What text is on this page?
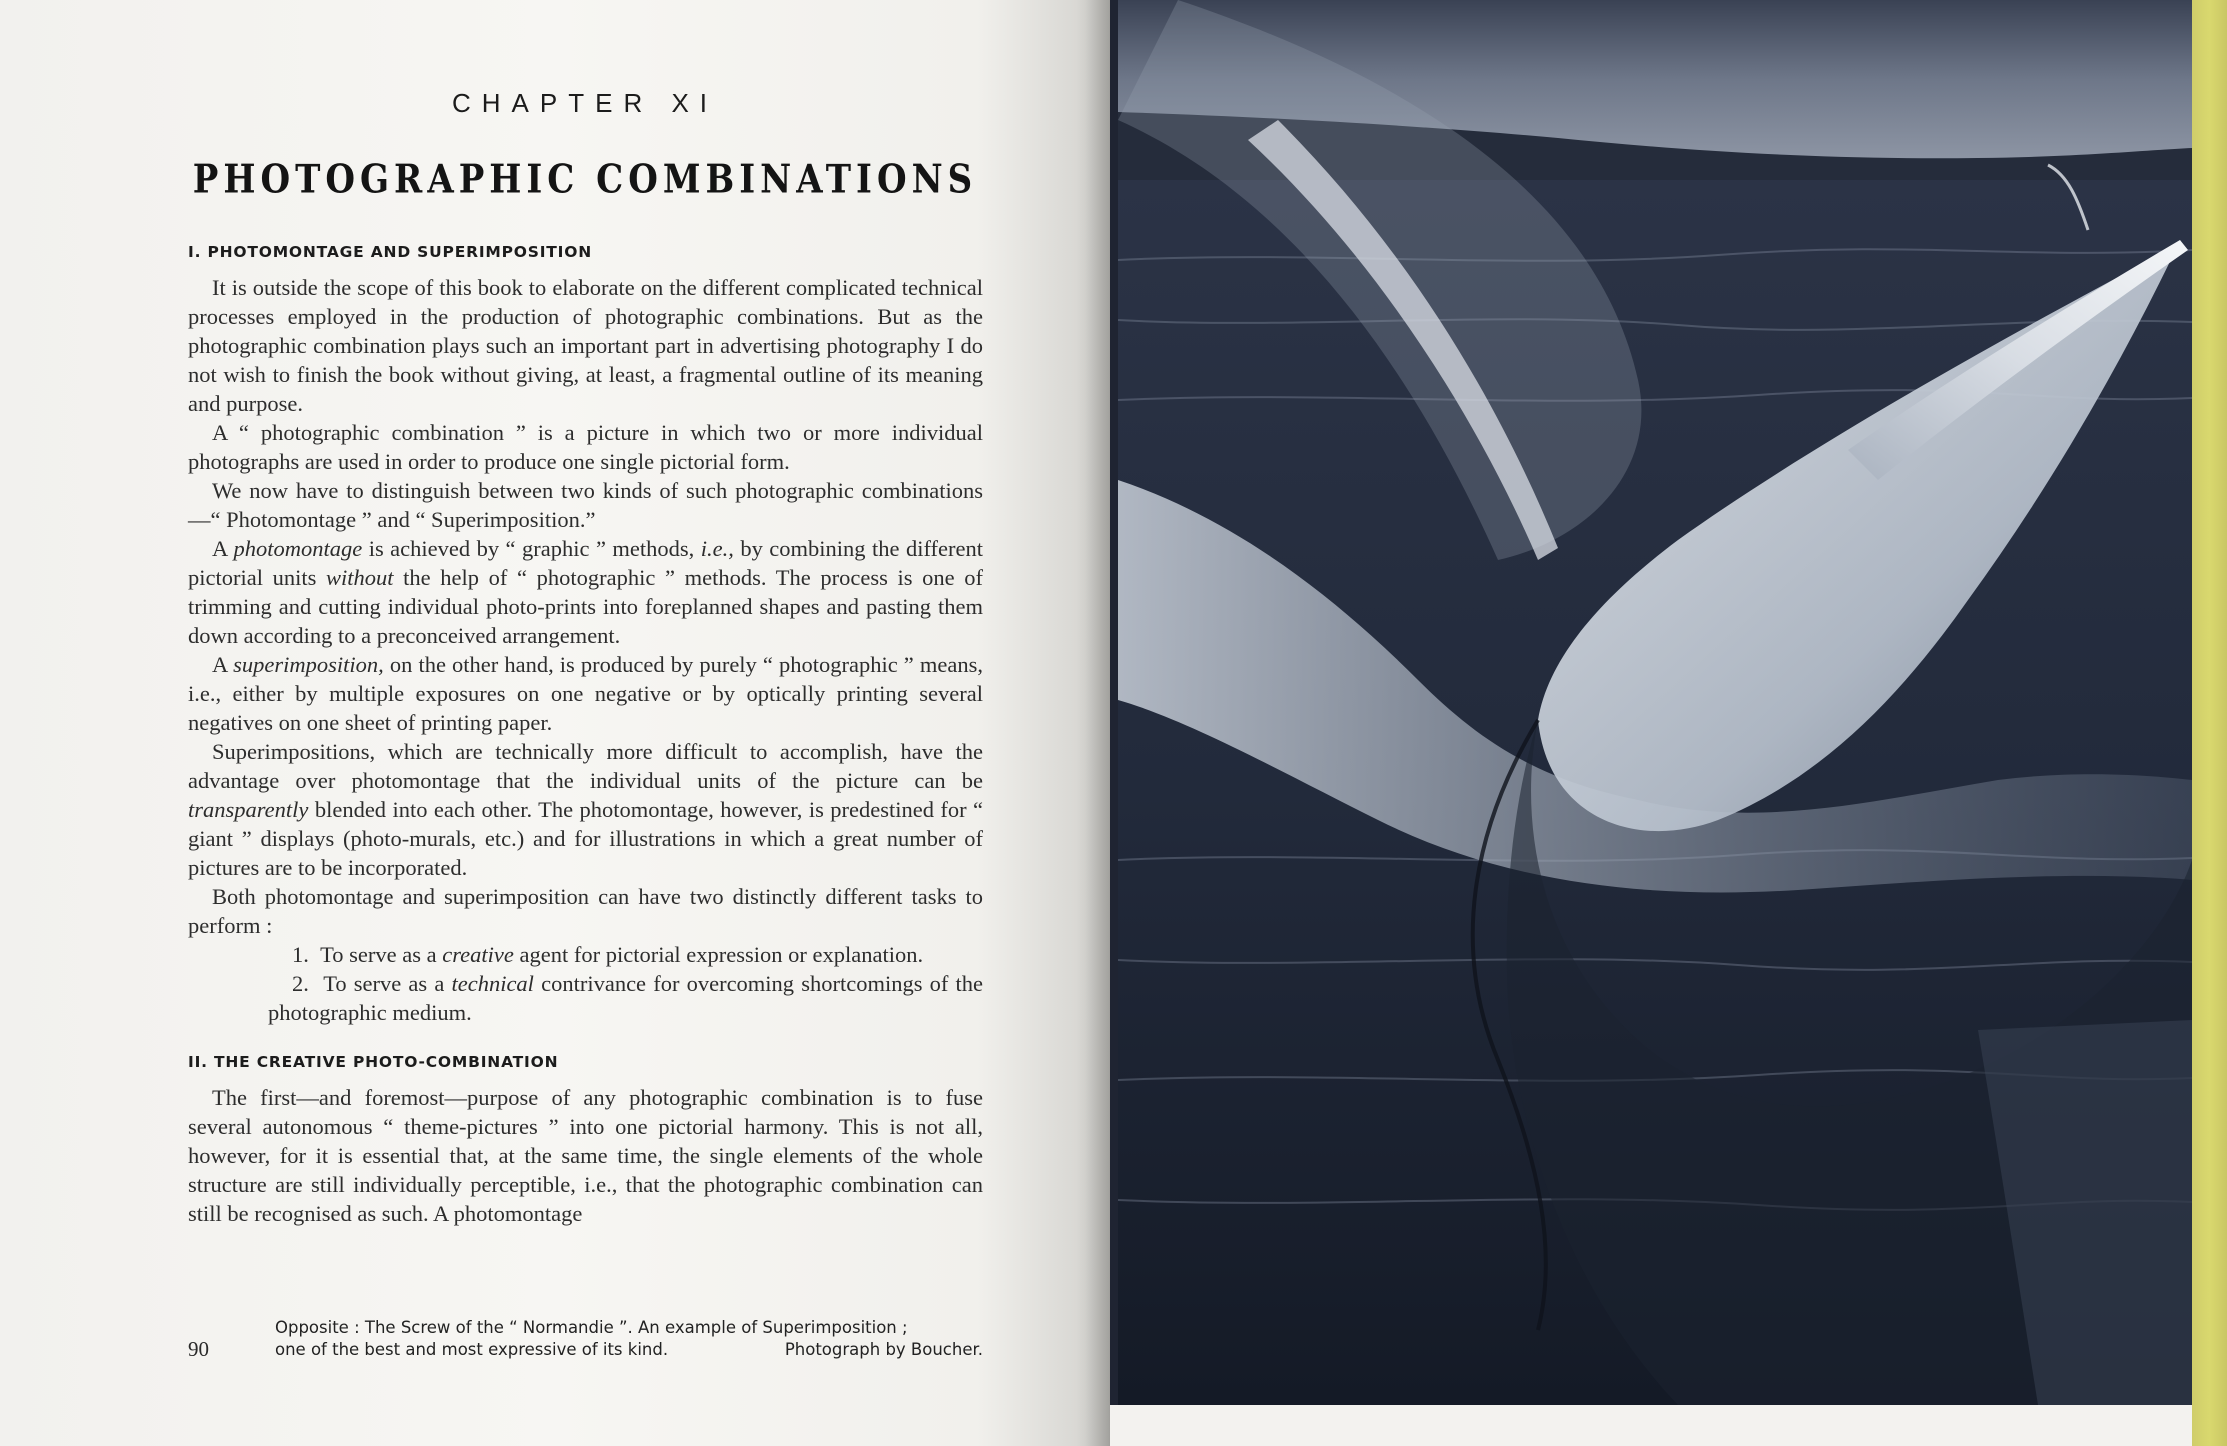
CHAPTER XI
PHOTOGRAPHIC COMBINATIONS
I. PHOTOMONTAGE AND SUPERIMPOSITION

It is outside the scope of this book to elaborate on the different complicated technical processes employed in the production of photographic combinations. But as the photographic combination plays such an important part in advertising photography I do not wish to finish the book without giving, at least, a fragmental outline of its meaning and purpose.

A “ photographic combination ” is a picture in which two or more individual photographs are used in order to produce one single pictorial form.

We now have to distinguish between two kinds of such photographic combinations—“ Photomontage ” and “ Superimposition.”

A photomontage is achieved by “ graphic ” methods, i.e., by combining the different pictorial units without the help of “ photographic ” methods. The process is one of trimming and cutting individual photo-prints into foreplanned shapes and pasting them down according to a preconceived arrangement.

A superimposition, on the other hand, is produced by purely “ photographic ” means, i.e., either by multiple exposures on one negative or by optically printing several negatives on one sheet of printing paper.

Superimpositions, which are technically more difficult to accomplish, have the advantage over photomontage that the individual units of the picture can be transparently blended into each other. The photomontage, however, is predestined for “ giant ” displays (photo-murals, etc.) and for illustrations in which a great number of pictures are to be incorporated.

Both photomontage and superimposition can have two distinctly different tasks to perform :

1. To serve as a creative agent for pictorial expression or explanation.

2. To serve as a technical contrivance for overcoming shortcomings of the photographic medium.

II. THE CREATIVE PHOTO-COMBINATION

The first—and foremost—purpose of any photographic combination is to fuse several autonomous “ theme-pictures ” into one pictorial harmony. This is not all, however, for it is essential that, at the same time, the single elements of the whole structure are still individually perceptible, i.e., that the photographic combination can still be recognised as such. A photomontage

90
Opposite : The Screw of the “ Normandie ”. An example of Superimposition ;
one of the best and most expressive of its kind.	Photograph by Boucher.
